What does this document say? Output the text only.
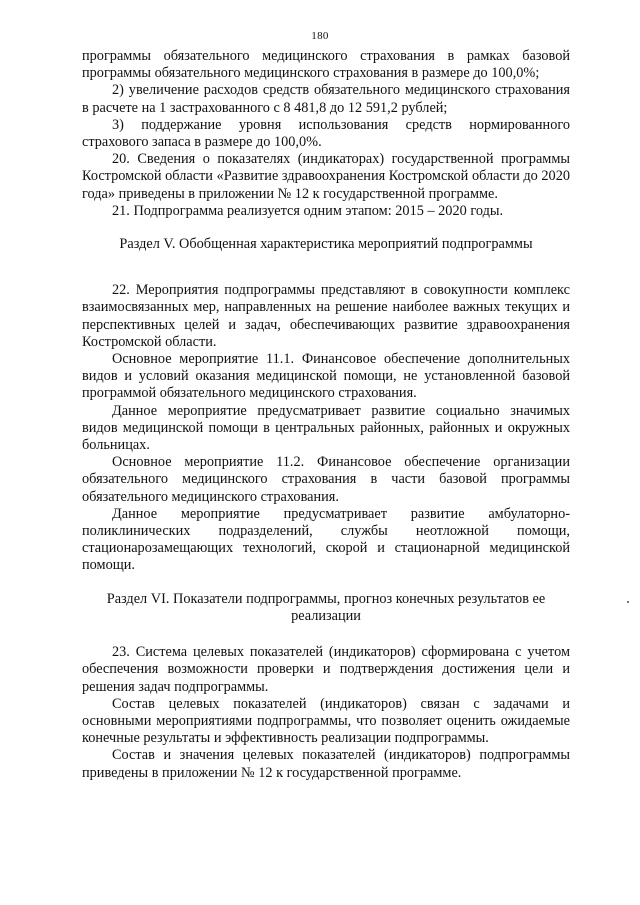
180

программы обязательного медицинского страхования в рамках базовой программы обязательного медицинского страхования в размере до 100,0%;

2) увеличение расходов средств обязательного медицинского страхования в расчете на 1 застрахованного с 8 481,8 до 12 591,2 рублей;

3) поддержание уровня использования средств нормированного страхового запаса в размере до 100,0%.

20. Сведения о показателях (индикаторах) государственной программы Костромской области «Развитие здравоохранения Костромской области до 2020 года» приведены в приложении № 12 к государственной программе.

21. Подпрограмма реализуется одним этапом: 2015 – 2020 годы.

Раздел V. Обобщенная характеристика мероприятий подпрограммы

22. Мероприятия подпрограммы представляют в совокупности комплекс взаимосвязанных мер, направленных на решение наиболее важных текущих и перспективных целей и задач, обеспечивающих развитие здравоохранения Костромской области.

Основное мероприятие 11.1. Финансовое обеспечение дополнительных видов и условий оказания медицинской помощи, не установленной базовой программой обязательного медицинского страхования.

Данное мероприятие предусматривает развитие социально значимых видов медицинской помощи в центральных районных, районных и окружных больницах.

Основное мероприятие 11.2. Финансовое обеспечение организации обязательного медицинского страхования в части базовой программы обязательного медицинского страхования.

Данное мероприятие предусматривает развитие амбулаторно-поликлинических подразделений, службы неотложной помощи, стационарозамещающих технологий, скорой и стационарной медицинской помощи.

Раздел VI. Показатели подпрограммы, прогноз конечных результатов ее реализации

23. Система целевых показателей (индикаторов) сформирована с учетом обеспечения возможности проверки и подтверждения достижения цели и решения задач подпрограммы.

Состав целевых показателей (индикаторов) связан с задачами и основными мероприятиями подпрограммы, что позволяет оценить ожидаемые конечные результаты и эффективность реализации подпрограммы.

Состав и значения целевых показателей (индикаторов) подпрограммы приведены в приложении № 12 к государственной программе.
